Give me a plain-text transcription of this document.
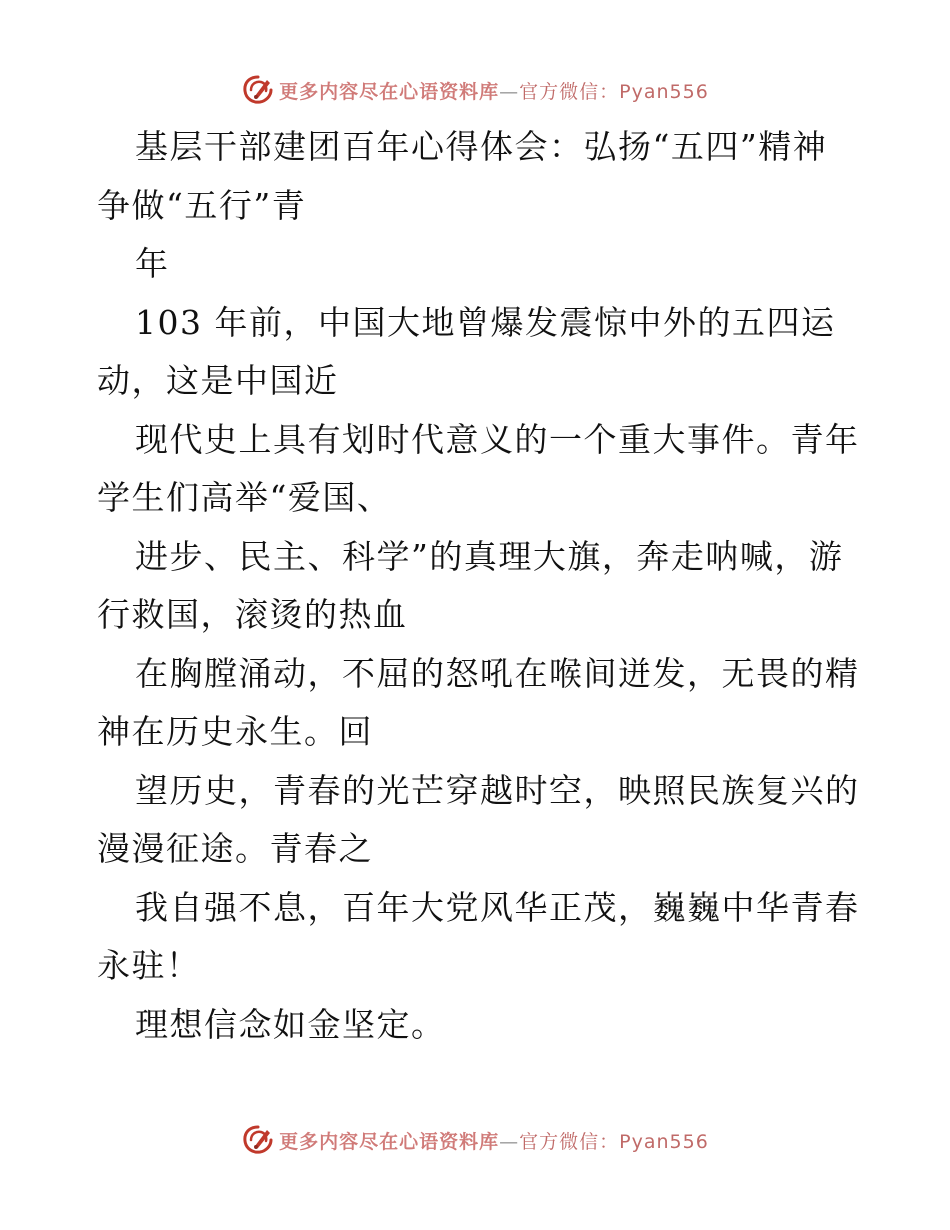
更多内容尽在心语资料库—官方微信：Pyan556
基层干部建团百年心得体会：弘扬“五四”精神
争做“五行”青
年
103 年前，中国大地曾爆发震惊中外的五四运
动，这是中国近
现代史上具有划时代意义的一个重大事件。青年
学生们高举“爱国、
进步、民主、科学”的真理大旗，奔走呐喊，游
行救国，滚烫的热血
在胸膛涌动，不屈的怒吼在喉间迸发，无畏的精
神在历史永生。回
望历史，青春的光芒穿越时空，映照民族复兴的
漫漫征途。青春之
我自强不息，百年大党风华正茂，巍巍中华青春
永驻！
理想信念如金坚定。
更多内容尽在心语资料库—官方微信：Pyan556
